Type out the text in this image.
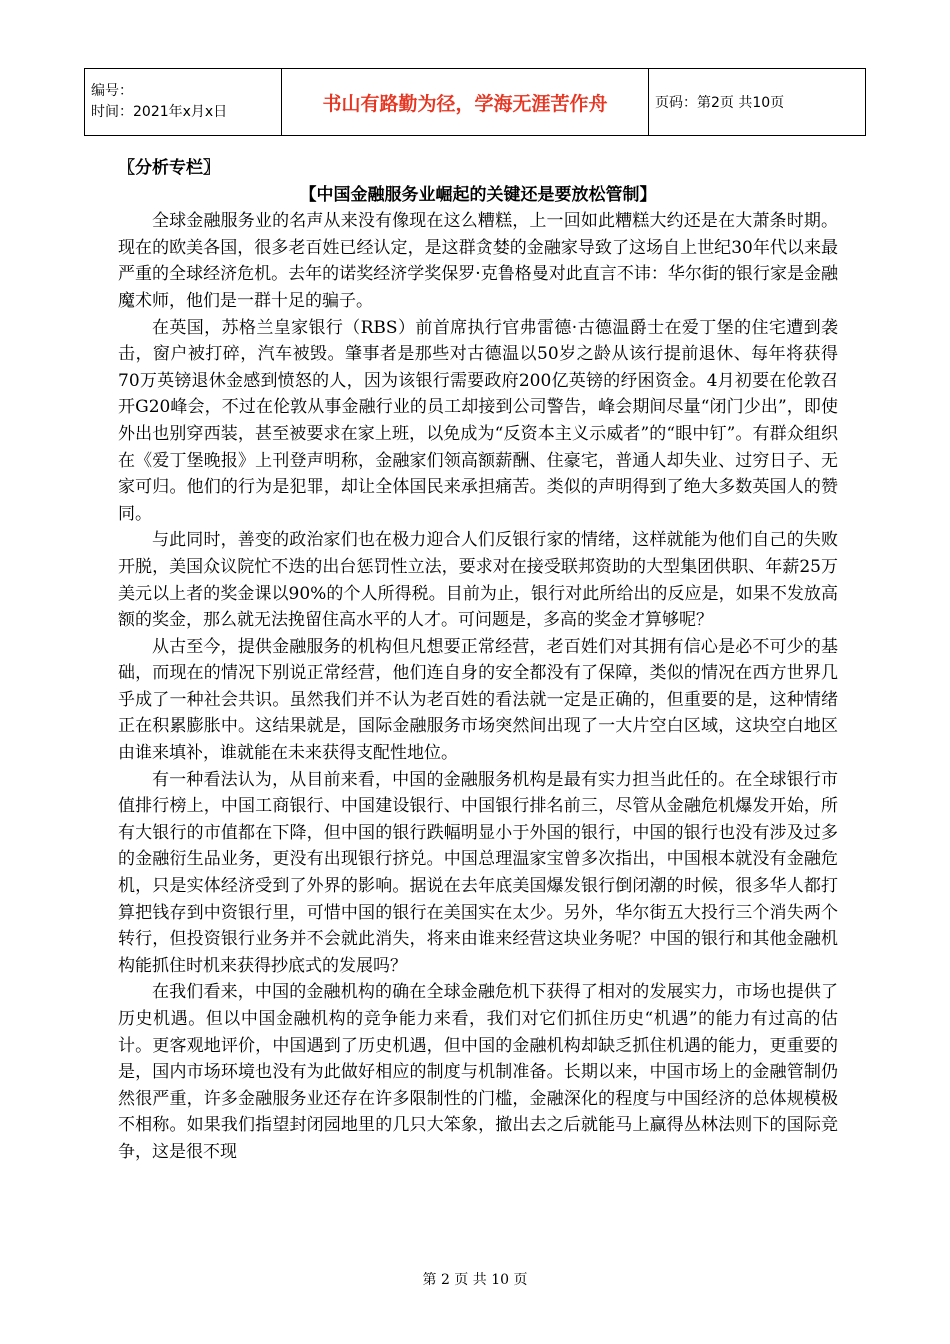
编号：
时间：2021年x月x日	书山有路勤为径，学海无涯苦作舟	页码：第2页 共10页

〖分析专栏〗

【中国金融服务业崛起的关键还是要放松管制】

全球金融服务业的名声从来没有像现在这么糟糕，上一回如此糟糕大约还是在大萧条时期。现在的欧美各国，很多老百姓已经认定，是这群贪婪的金融家导致了这场自上世纪30年代以来最严重的全球经济危机。去年的诺奖经济学奖保罗·克鲁格曼对此直言不讳：华尔街的银行家是金融魔术师，他们是一群十足的骗子。

在英国，苏格兰皇家银行（RBS）前首席执行官弗雷德·古德温爵士在爱丁堡的住宅遭到袭击，窗户被打碎，汽车被毁。肇事者是那些对古德温以50岁之龄从该行提前退休、每年将获得70万英镑退休金感到愤怒的人，因为该银行需要政府200亿英镑的纾困资金。4月初要在伦敦召开G20峰会，不过在伦敦从事金融行业的员工却接到公司警告，峰会期间尽量“闭门少出”，即使外出也别穿西装，甚至被要求在家上班，以免成为“反资本主义示威者”的“眼中钉”。有群众组织在《爱丁堡晚报》上刊登声明称，金融家们领高额薪酬、住豪宅，普通人却失业、过穷日子、无家可归。他们的行为是犯罪，却让全体国民来承担痛苦。类似的声明得到了绝大多数英国人的赞同。

与此同时，善变的政治家们也在极力迎合人们反银行家的情绪，这样就能为他们自己的失败开脱，美国众议院忙不迭的出台惩罚性立法，要求对在接受联邦资助的大型集团供职、年薪25万美元以上者的奖金课以90%的个人所得税。目前为止，银行对此所给出的反应是，如果不发放高额的奖金，那么就无法挽留住高水平的人才。可问题是，多高的奖金才算够呢？

从古至今，提供金融服务的机构但凡想要正常经营，老百姓们对其拥有信心是必不可少的基础，而现在的情况下别说正常经营，他们连自身的安全都没有了保障，类似的情况在西方世界几乎成了一种社会共识。虽然我们并不认为老百姓的看法就一定是正确的，但重要的是，这种情绪正在积累膨胀中。这结果就是，国际金融服务市场突然间出现了一大片空白区域，这块空白地区由谁来填补，谁就能在未来获得支配性地位。

有一种看法认为，从目前来看，中国的金融服务机构是最有实力担当此任的。在全球银行市值排行榜上，中国工商银行、中国建设银行、中国银行排名前三，尽管从金融危机爆发开始，所有大银行的市值都在下降，但中国的银行跌幅明显小于外国的银行，中国的银行也没有涉及过多的金融衍生品业务，更没有出现银行挤兑。中国总理温家宝曾多次指出，中国根本就没有金融危机，只是实体经济受到了外界的影响。据说在去年底美国爆发银行倒闭潮的时候，很多华人都打算把钱存到中资银行里，可惜中国的银行在美国实在太少。另外，华尔街五大投行三个消失两个转行，但投资银行业务并不会就此消失，将来由谁来经营这块业务呢？中国的银行和其他金融机构能抓住时机来获得抄底式的发展吗？

在我们看来，中国的金融机构的确在全球金融危机下获得了相对的发展实力，市场也提供了历史机遇。但以中国金融机构的竞争能力来看，我们对它们抓住历史“机遇”的能力有过高的估计。更客观地评价，中国遇到了历史机遇，但中国的金融机构却缺乏抓住机遇的能力，更重要的是，国内市场环境也没有为此做好相应的制度与机制准备。长期以来，中国市场上的金融管制仍然很严重，许多金融服务业还存在许多限制性的门槛，金融深化的程度与中国经济的总体规模极不相称。如果我们指望封闭园地里的几只大笨象，撤出去之后就能马上赢得丛林法则下的国际竞争，这是很不现

第 2 页 共 10 页
